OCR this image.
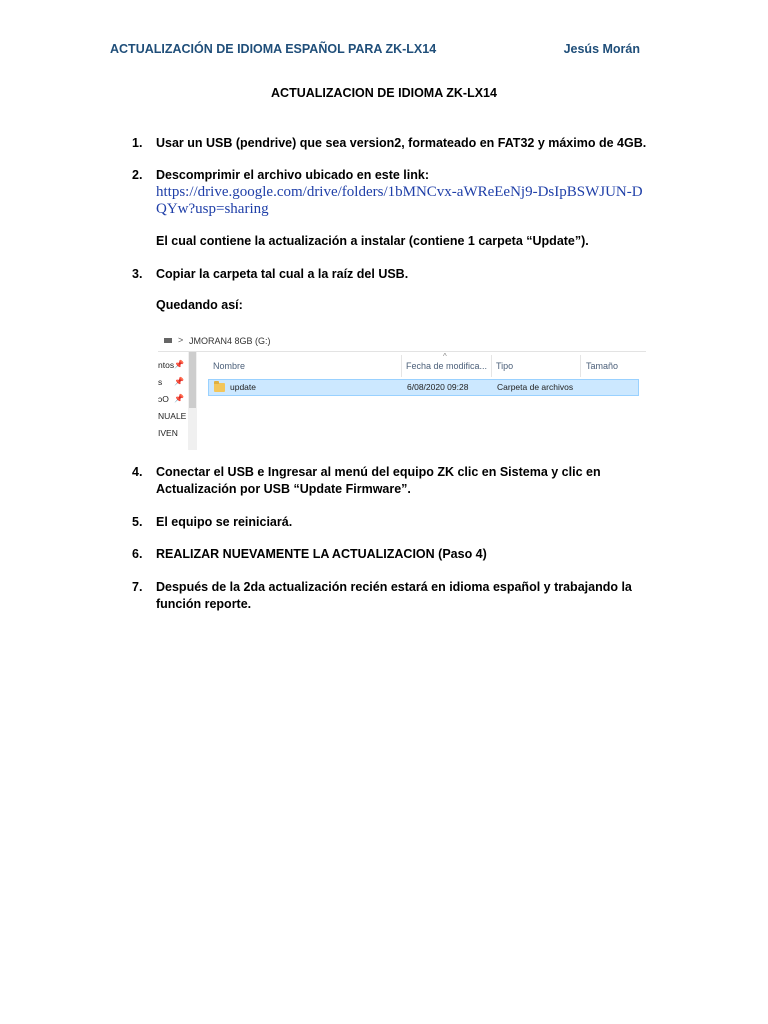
ACTUALIZACIÓN DE IDIOMA ESPAÑOL PARA ZK-LX14	Jesús Morán
ACTUALIZACION DE IDIOMA ZK-LX14
1. Usar un USB (pendrive) que sea version2, formateado en FAT32 y máximo de 4GB.
2. Descomprimir el archivo ubicado en este link:
https://drive.google.com/drive/folders/1bMNCvx-aWReEeNj9-DsIpBSWJUN-DQYw?usp=sharing
El cual contiene la actualización a instalar (contiene 1 carpeta “Update”).
3. Copiar la carpeta tal cual a la raíz del USB.
Quedando así:
> JMORAN4 8GB (G:)
ntos 📌
s	📌
ɔO 📌
NUALE
IVEN
^
Nombre	Fecha de modifica... Tipo	Tamaño
update	6/08/2020 09:28	Carpeta de archivos
4. Conectar el USB e Ingresar al menú del equipo ZK clic en Sistema y clic en Actualización por USB “Update Firmware”.
5. El equipo se reiniciará.
6. REALIZAR NUEVAMENTE LA ACTUALIZACION (Paso 4)
7. Después de la 2da actualización recién estará en idioma español y trabajando la función reporte.
